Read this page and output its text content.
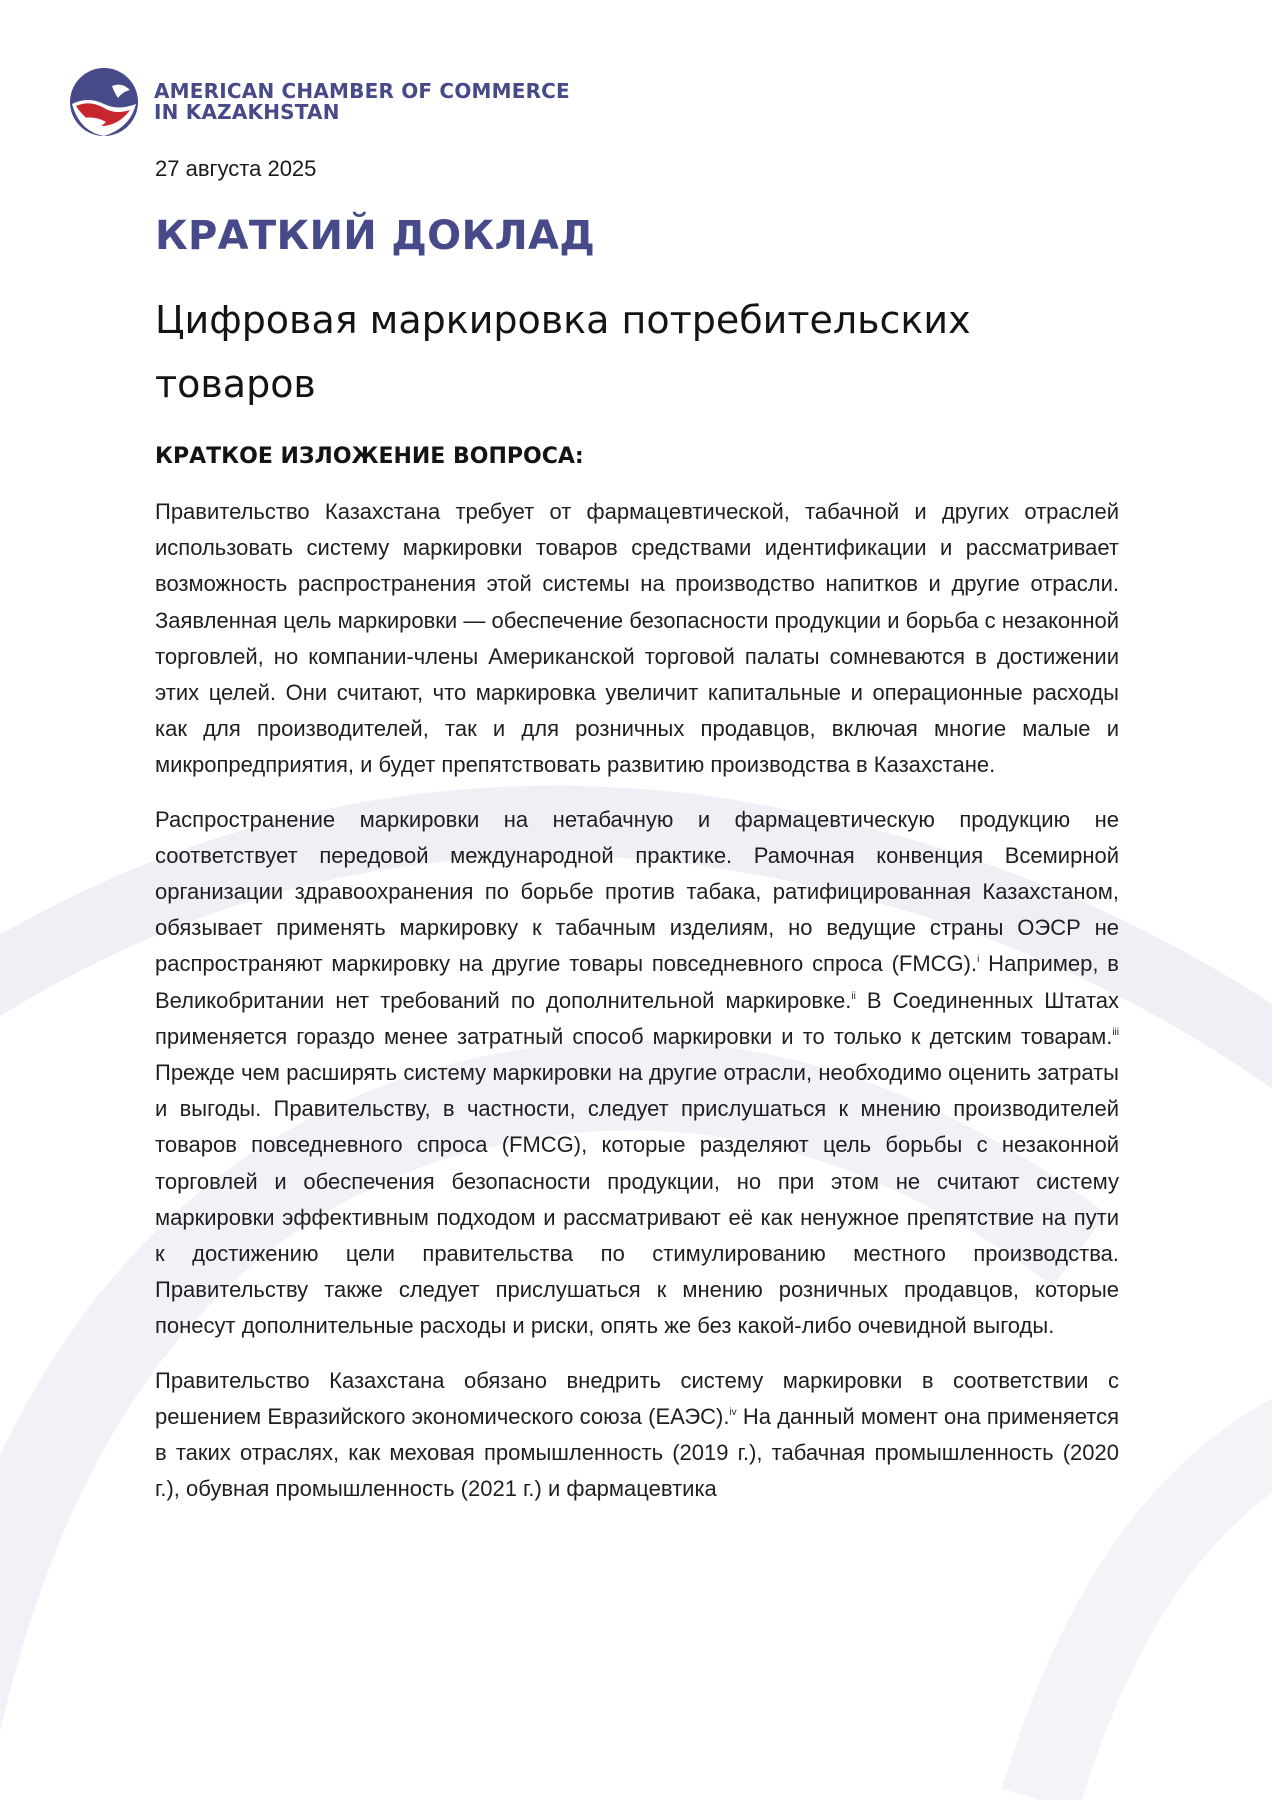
AMERICAN CHAMBER OF COMMERCE
IN KAZAKHSTAN

27 августа 2025

КРАТКИЙ ДОКЛАД
Цифровая маркировка потребительских товаров
КРАТКОЕ ИЗЛОЖЕНИЕ ВОПРОСА:

Правительство Казахстана требует от фармацевтической, табачной и других отраслей использовать систему маркировки товаров средствами идентификации и рассматривает возможность распространения этой системы на производство напитков и другие отрасли. Заявленная цель маркировки — обеспечение безопасности продукции и борьба с незаконной торговлей, но компании-члены Американской торговой палаты сомневаются в достижении этих целей. Они считают, что маркировка увеличит капитальные и операционные расходы как для производителей, так и для розничных продавцов, включая многие малые и микропредприятия, и будет препятствовать развитию производства в Казахстане.

Распространение маркировки на нетабачную и фармацевтическую продукцию не соответствует передовой международной практике. Рамочная конвенция Всемирной организации здравоохранения по борьбе против табака, ратифицированная Казахстаном, обязывает применять маркировку к табачным изделиям, но ведущие страны ОЭСР не распространяют маркировку на другие товары повседневного спроса (FMCG).$^i$ Например, в Великобритании нет требований по дополнительной маркировке.$^{ii}$ В Соединенных Штатах применяется гораздо менее затратный способ маркировки и то только к детским товарам.$^{iii}$ Прежде чем расширять систему маркировки на другие отрасли, необходимо оценить затраты и выгоды. Правительству, в частности, следует прислушаться к мнению производителей товаров повседневного спроса (FMCG), которые разделяют цель борьбы с незаконной торговлей и обеспечения безопасности продукции, но при этом не считают систему маркировки эффективным подходом и рассматривают её как ненужное препятствие на пути к достижению цели правительства по стимулированию местного производства. Правительству также следует прислушаться к мнению розничных продавцов, которые понесут дополнительные расходы и риски, опять же без какой-либо очевидной выгоды.

Правительство Казахстана обязано внедрить систему маркировки в соответствии с решением Евразийского экономического союза (ЕАЭС).$^{iv}$ На данный момент она применяется в таких отраслях, как меховая промышленность (2019 г.), табачная промышленность (2020 г.), обувная промышленность (2021 г.) и фармацевтика
